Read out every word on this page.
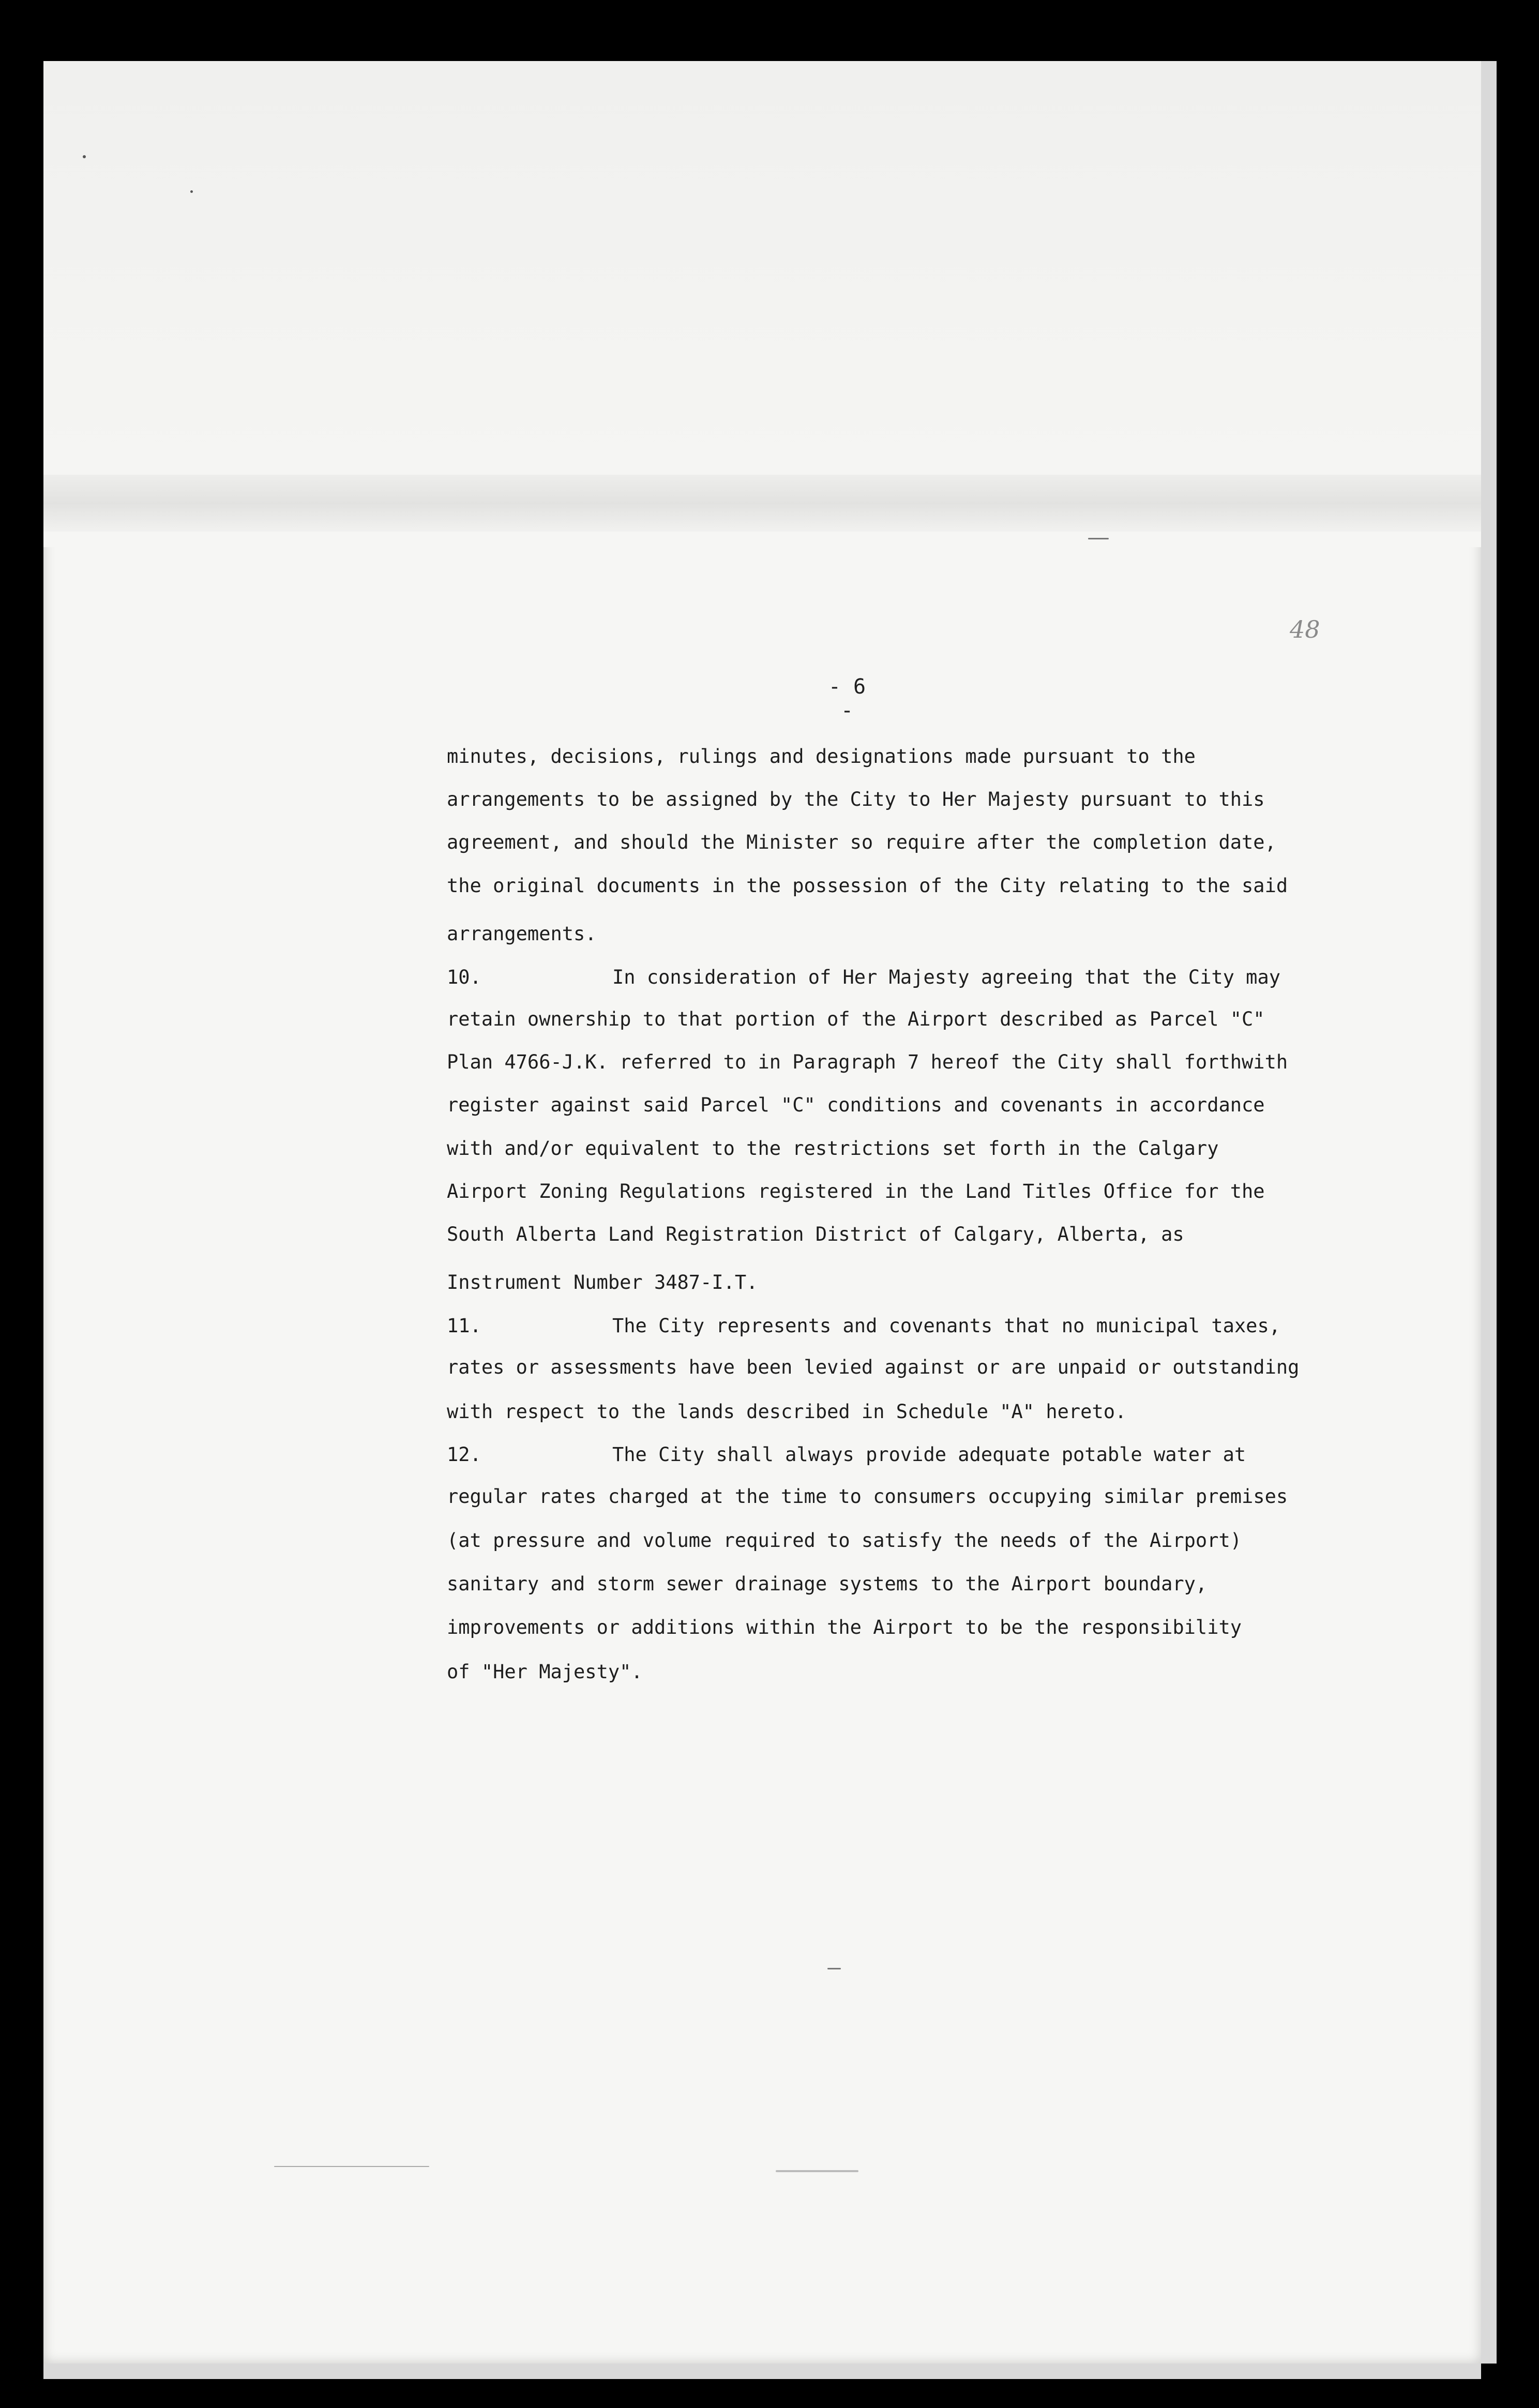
48
- 6 -
minutes, decisions, rulings and designations made pursuant to the
arrangements to be assigned by the City to Her Majesty pursuant to this
agreement, and should the Minister so require after the completion date,
the original documents in the possession of the City relating to the said
arrangements.
10.	In consideration of Her Majesty agreeing that the City may
retain ownership to that portion of the Airport described as Parcel "C"
Plan 4766-J.K. referred to in Paragraph 7 hereof the City shall forthwith
register against said Parcel "C" conditions and covenants in accordance
with and/or equivalent to the restrictions set forth in the Calgary
Airport Zoning Regulations registered in the Land Titles Office for the
South Alberta Land Registration District of Calgary, Alberta, as
Instrument Number 3487-I.T.
11.	The City represents and covenants that no municipal taxes,
rates or assessments have been levied against or are unpaid or outstanding
with respect to the lands described in Schedule "A" hereto.
12.	The City shall always provide adequate potable water at
regular rates charged at the time to consumers occupying similar premises
(at pressure and volume required to satisfy the needs of the Airport)
sanitary and storm sewer drainage systems to the Airport boundary,
improvements or additions within the Airport to be the responsibility
of "Her Majesty".
